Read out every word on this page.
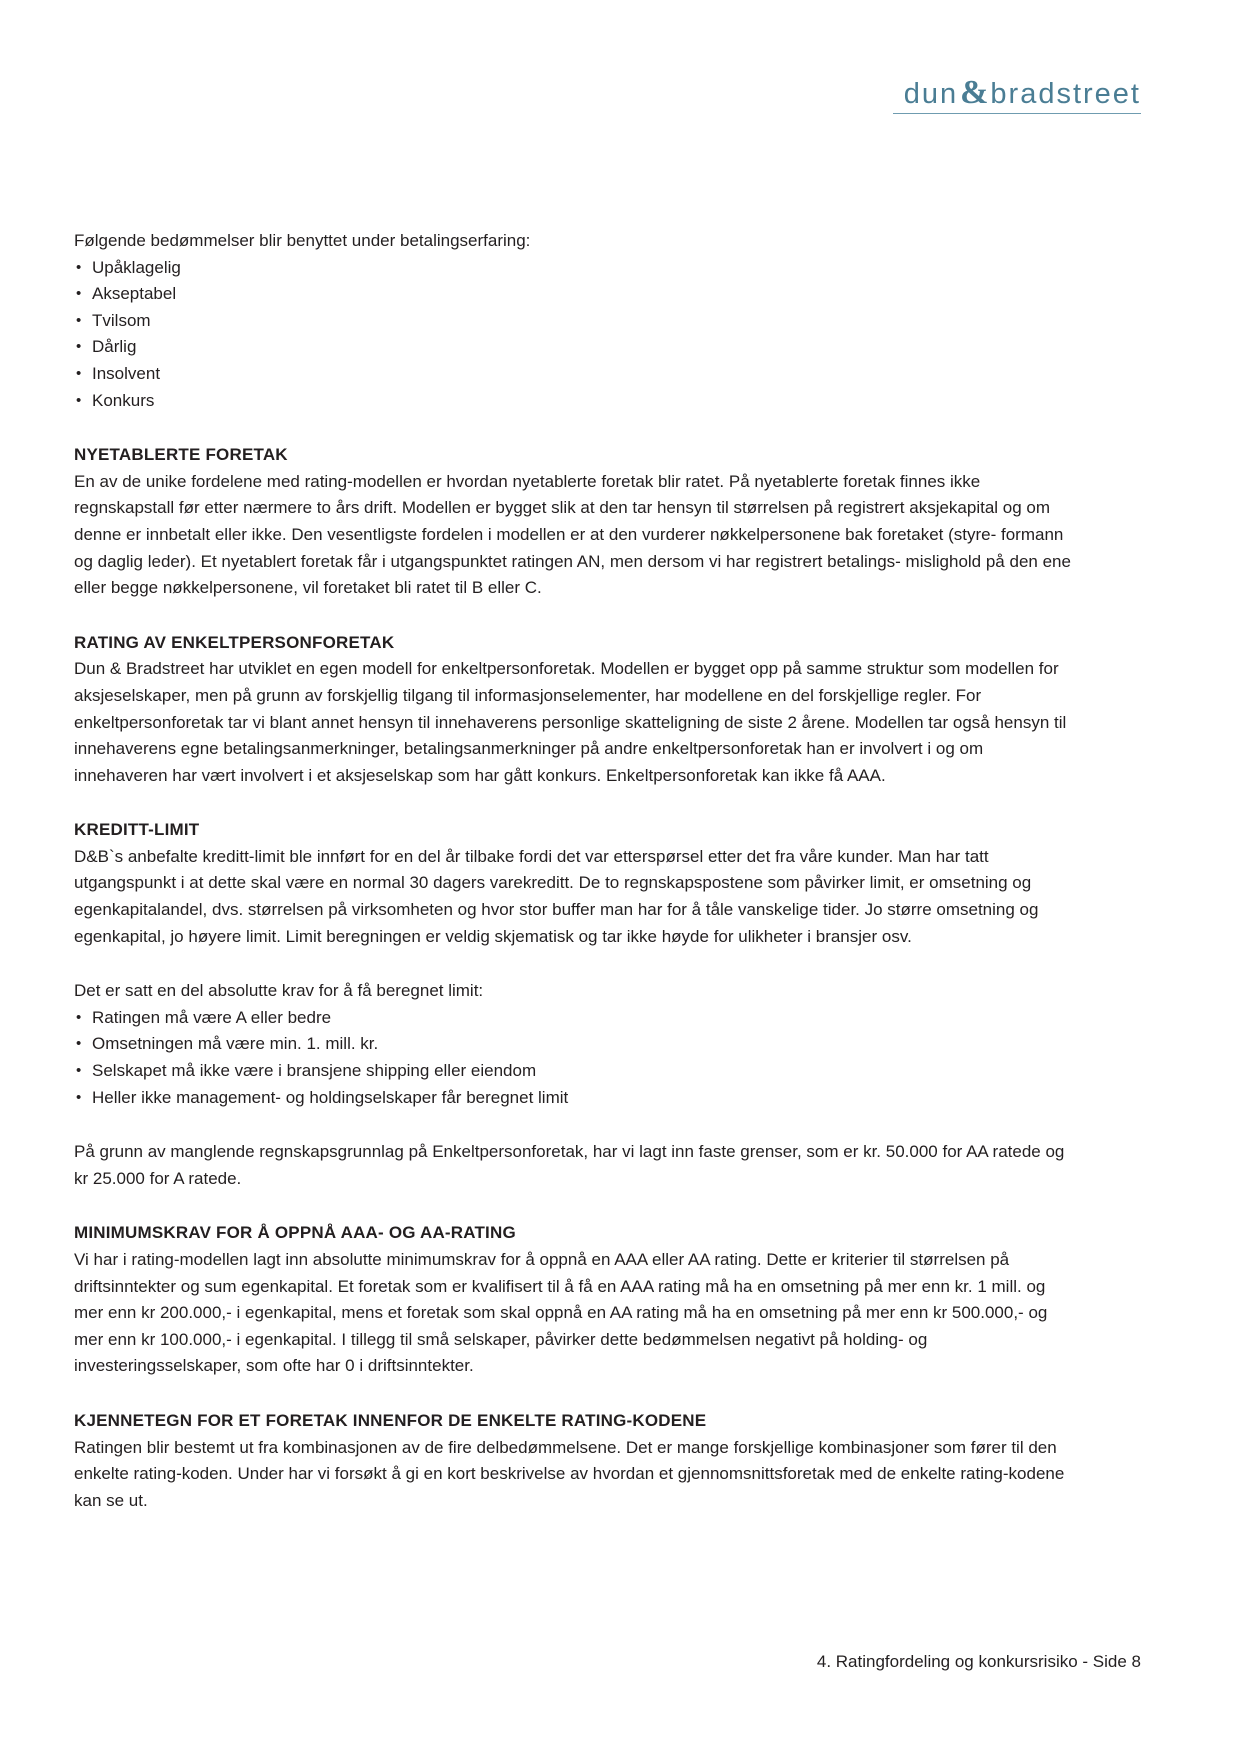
dun & bradstreet

Følgende bedømmelser blir benyttet under betalingserfaring:

• Upåklagelig
• Akseptabel
• Tvilsom
• Dårlig
• Insolvent
• Konkurs
NYETABLERTE FORETAK

En av de unike fordelene med rating-modellen er hvordan nyetablerte foretak blir ratet. På nyetablerte foretak finnes ikke regnskapstall før etter nærmere to års drift. Modellen er bygget slik at den tar hensyn til størrelsen på registrert aksjekapital og om denne er innbetalt eller ikke. Den vesentligste fordelen i modellen er at den vurderer nøkkelpersonene bak foretaket (styre- formann og daglig leder). Et nyetablert foretak får i utgangspunktet ratingen AN, men dersom vi har registrert betalings- mislighold på den ene eller begge nøkkelpersonene, vil foretaket bli ratet til B eller C.

RATING AV ENKELTPERSONFORETAK

Dun & Bradstreet har utviklet en egen modell for enkeltpersonforetak. Modellen er bygget opp på samme struktur som modellen for aksjeselskaper, men på grunn av forskjellig tilgang til informasjonselementer, har modellene en del forskjellige regler. For enkeltpersonforetak tar vi blant annet hensyn til innehaverens personlige skatteligning de siste 2 årene. Modellen tar også hensyn til innehaverens egne betalingsanmerkninger, betalingsanmerkninger på andre enkeltpersonforetak han er involvert i og om innehaveren har vært involvert i et aksjeselskap som har gått konkurs. Enkeltpersonforetak kan ikke få AAA.

KREDITT-LIMIT

D&B`s anbefalte kreditt-limit ble innført for en del år tilbake fordi det var etterspørsel etter det fra våre kunder. Man har tatt utgangspunkt i at dette skal være en normal 30 dagers varekreditt. De to regnskapspostene som påvirker limit, er omsetning og egenkapitalandel, dvs. størrelsen på virksomheten og hvor stor buffer man har for å tåle vanskelige tider. Jo større omsetning og egenkapital, jo høyere limit. Limit beregningen er veldig skjematisk og tar ikke høyde for ulikheter i bransjer osv.

Det er satt en del absolutte krav for å få beregnet limit:

• Ratingen må være A eller bedre
• Omsetningen må være min. 1. mill. kr.
• Selskapet må ikke være i bransjene shipping eller eiendom
• Heller ikke management- og holdingselskaper får beregnet limit

På grunn av manglende regnskapsgrunnlag på Enkeltpersonforetak, har vi lagt inn faste grenser, som er kr. 50.000 for AA ratede og kr 25.000 for A ratede.

MINIMUMSKRAV FOR Å OPPNÅ AAA- OG AA-RATING

Vi har i rating-modellen lagt inn absolutte minimumskrav for å oppnå en AAA eller AA rating. Dette er kriterier til størrelsen på driftsinntekter og sum egenkapital. Et foretak som er kvalifisert til å få en AAA rating må ha en omsetning på mer enn kr. 1 mill. og mer enn kr 200.000,- i egenkapital, mens et foretak som skal oppnå en AA rating må ha en omsetning på mer enn kr 500.000,- og mer enn kr 100.000,- i egenkapital. I tillegg til små selskaper, påvirker dette bedømmelsen negativt på holding- og investeringsselskaper, som ofte har 0 i driftsinntekter.

KJENNETEGN FOR ET FORETAK INNENFOR DE ENKELTE RATING-KODENE

Ratingen blir bestemt ut fra kombinasjonen av de fire delbedømmelsene. Det er mange forskjellige kombinasjoner som fører til den enkelte rating-koden. Under har vi forsøkt å gi en kort beskrivelse av hvordan et gjennomsnittsforetak med de enkelte rating-kodene kan se ut.

4. Ratingfordeling og konkursrisiko - Side 8
